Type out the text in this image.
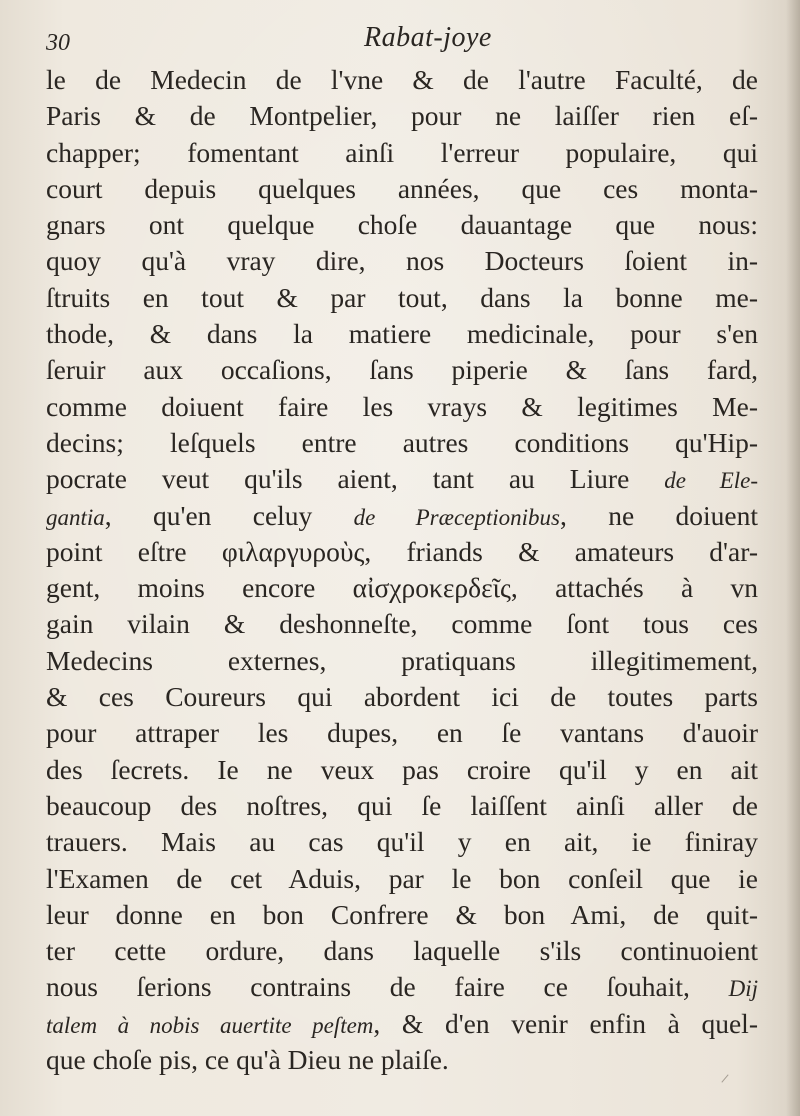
30	Rabat-joye
le de Medecin de l'vne & de l'autre Faculté, de
Paris & de Montpelier, pour ne laiſſer rien eſ-
chapper; fomentant ainſi l'erreur populaire, qui
court depuis quelques années, que ces monta-
gnars ont quelque choſe dauantage que nous:
quoy qu'à vray dire, nos Docteurs ſoient in-
ſtruits en tout & par tout, dans la bonne me-
thode, & dans la matiere medicinale, pour s'en
ſeruir aux occaſions, ſans piperie & ſans fard,
comme doiuent faire les vrays & legitimes Me-
decins; leſquels entre autres conditions qu'Hip-
pocrate veut qu'ils aient, tant au Liure de Ele-
gantia, qu'en celuy de Præceptionibus, ne doiuent
point eſtre φιλαργυροὺς, friands & amateurs d'ar-
gent, moins encore αἰσχροκερδεῖς, attachés à vn
gain vilain & deshonneſte, comme ſont tous ces
Medecins externes, pratiquans illegitimement,
& ces Coureurs qui abordent ici de toutes parts
pour attraper les dupes, en ſe vantans d'auoir
des ſecrets. Ie ne veux pas croire qu'il y en ait
beaucoup des noſtres, qui ſe laiſſent ainſi aller de
trauers. Mais au cas qu'il y en ait, ie finiray
l'Examen de cet Aduis, par le bon conſeil que ie
leur donne en bon Confrere & bon Ami, de quit-
ter cette ordure, dans laquelle s'ils continuoient
nous ſerions contrains de faire ce ſouhait, Dij
talem à nobis auertite peſtem, & d'en venir enfin à quel-
que choſe pis, ce qu'à Dieu ne plaiſe.
